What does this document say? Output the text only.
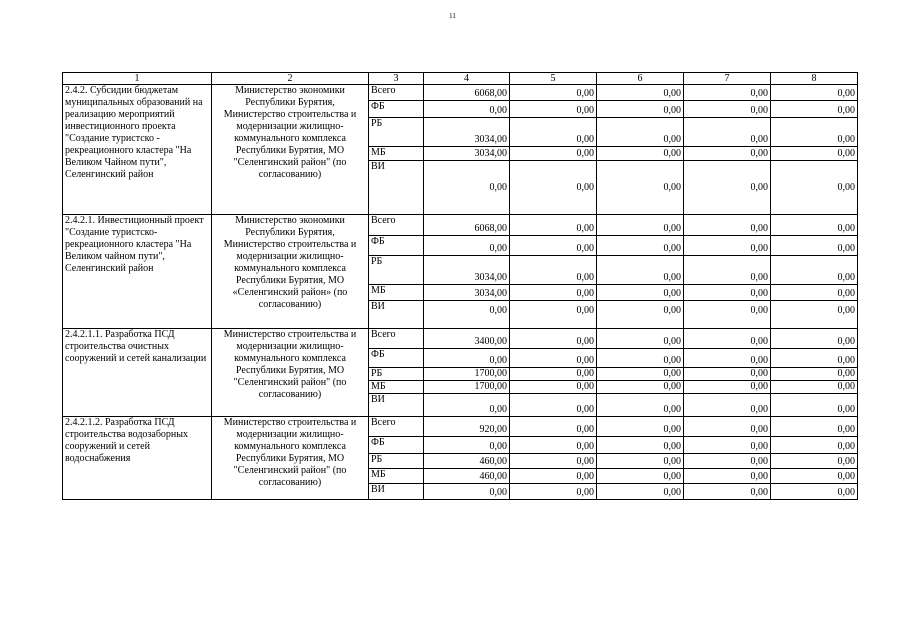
11
1	2	3	4	5	6	7	8
2.4.2. Субсидии бюджетам муниципальных образований на реализацию мероприятий инвестиционного проекта "Создание туристско - рекреационного кластера "На Великом Чайном пути", Селенгинский район	Министерство экономики Республики Бурятия, Министерство строительства и модернизации жилищно-коммунального комплекса Республики Бурятия, МО "Селенгинский район" (по согласованию)	Всего	6068,00	0,00	0,00	0,00	0,00
		ФБ	0,00	0,00	0,00	0,00	0,00
		РБ	3034,00	0,00	0,00	0,00	0,00
		МБ	3034,00	0,00	0,00	0,00	0,00
		ВИ	0,00	0,00	0,00	0,00	0,00
2.4.2.1. Инвестиционный проект "Создание туристско-рекреационного кластера "На Великом чайном пути", Селенгинский район	Министерство экономики Республики Бурятия, Министерство строительства и модернизации жилищно-коммунального комплекса Республики Бурятия, МО «Селенгинский район» (по согласованию)	Всего	6068,00	0,00	0,00	0,00	0,00
		ФБ	0,00	0,00	0,00	0,00	0,00
		РБ	3034,00	0,00	0,00	0,00	0,00
		МБ	3034,00	0,00	0,00	0,00	0,00
		ВИ	0,00	0,00	0,00	0,00	0,00
2.4.2.1.1. Разработка ПСД строительства очистных сооружений и сетей канализации	Министерство строительства и модернизации жилищно-коммунального комплекса Республики Бурятия, МО "Селенгинский район" (по согласованию)	Всего	3400,00	0,00	0,00	0,00	0,00
		ФБ	0,00	0,00	0,00	0,00	0,00
		РБ	1700,00	0,00	0,00	0,00	0,00
		МБ	1700,00	0,00	0,00	0,00	0,00
		ВИ	0,00	0,00	0,00	0,00	0,00
2.4.2.1.2. Разработка ПСД строительства водозаборных сооружений и сетей водоснабжения	Министерство строительства и модернизации жилищно-коммунального комплекса Республики Бурятия, МО "Селенгинский район" (по согласованию)	Всего	920,00	0,00	0,00	0,00	0,00
		ФБ	0,00	0,00	0,00	0,00	0,00
		РБ	460,00	0,00	0,00	0,00	0,00
		МБ	460,00	0,00	0,00	0,00	0,00
		ВИ	0,00	0,00	0,00	0,00	0,00
